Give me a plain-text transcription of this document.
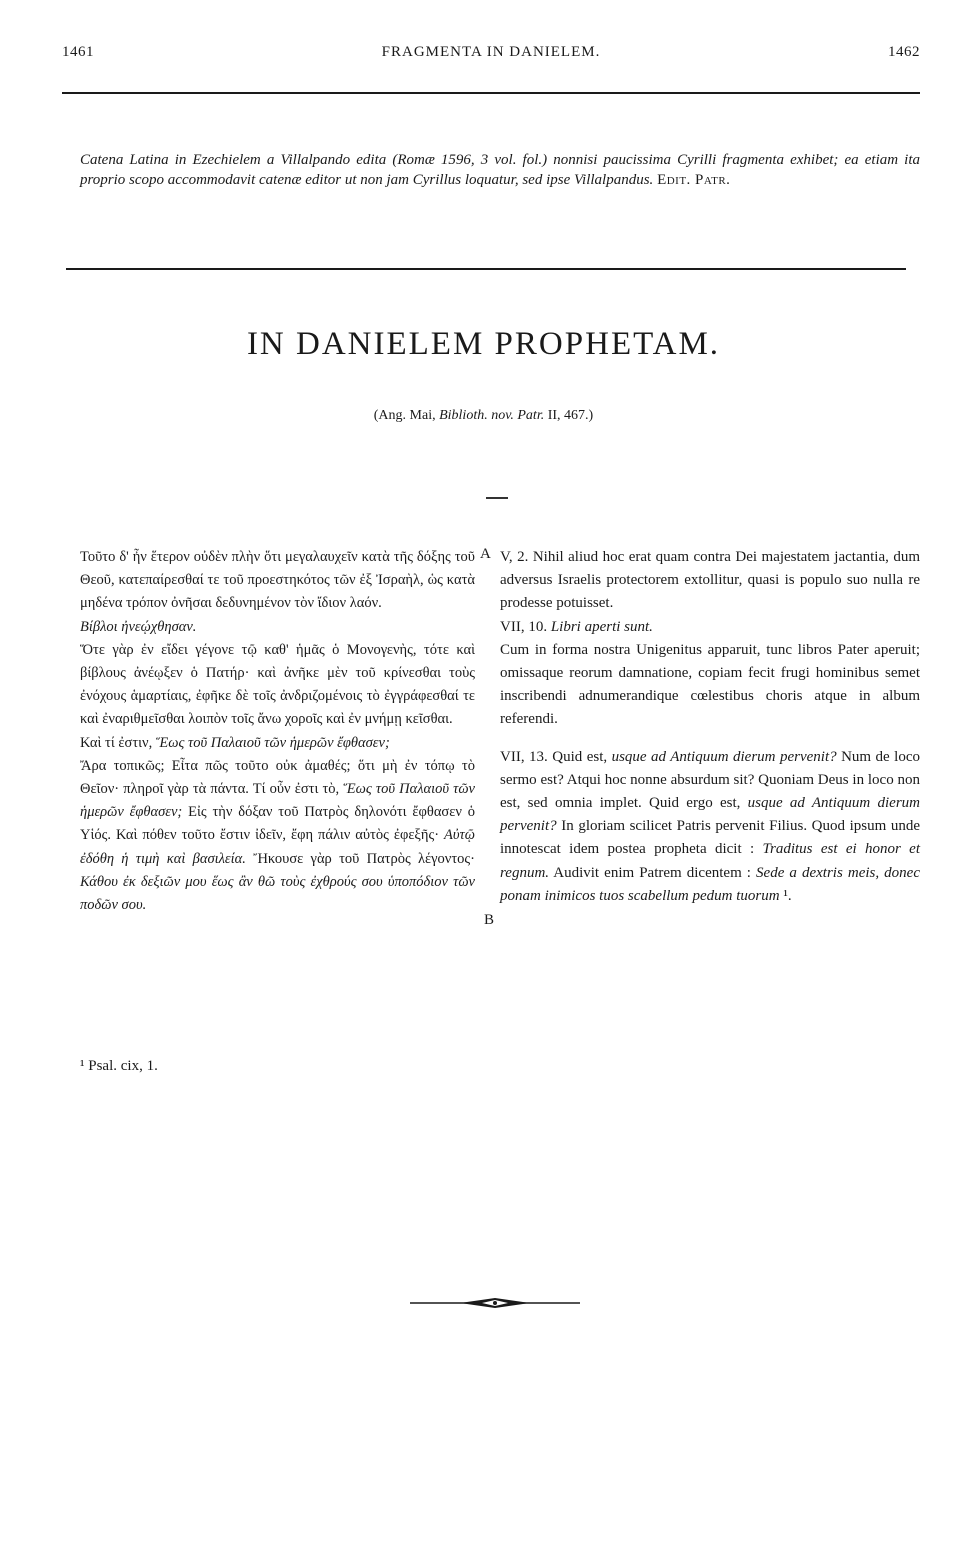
1461	FRAGMENTA IN DANIELEM.	1462
Catena Latina in Ezechielem a Villalpando edita (Romæ 1596, 3 vol. fol.) nonnisi paucissima Cyrilli fragmenta exhibet; ea etiam ita proprio scopo accommodavit catenæ editor ut non jam Cyrillus loquatur, sed ipse Villalpandus. Edit. Patr.
IN DANIELEM PROPHETAM.
(Ang. Mai, Biblioth. nov. Patr. II, 467.)

Τοῦτο δ' ἦν ἕτερον οὐδὲν πλὴν ὅτι μεγαλαυχεῖν κατὰ τῆς δόξης τοῦ Θεοῦ, κατεπαίρεσθαί τε τοῦ προεστηκότος τῶν ἐξ Ἰσραὴλ, ὡς κατὰ μηδένα τρόπον ὀνῆσαι δεδυνημένον τὸν ἴδιον λαόν.

Βίβλοι ἠνεῴχθησαν.

Ὅτε γὰρ ἐν εἴδει γέγονε τῷ καθ' ἡμᾶς ὁ Μονογενὴς, τότε καὶ βίβλους ἀνέῳξεν ὁ Πατήρ· καὶ ἀνῆκε μὲν τοῦ κρίνεσθαι τοὺς ἐνόχους ἁμαρτίαις, ἐφῆκε δὲ τοῖς ἀνδριζομένοις τὸ ἐγγράφεσθαί τε καὶ ἐναριθμεῖσθαι λοιπὸν τοῖς ἄνω χοροῖς καὶ ἐν μνήμῃ κεῖσθαι.

Καὶ τί ἐστιν, Ἕως τοῦ Παλαιοῦ τῶν ἡμερῶν ἔφθασεν;

Ἄρα τοπικῶς; Εἶτα πῶς τοῦτο οὐκ ἀμαθές; ὅτι μὴ ἐν τόπῳ τὸ Θεῖον· πληροῖ γὰρ τὰ πάντα. Τί οὖν ἐστι τὸ, Ἕως τοῦ Παλαιοῦ τῶν ἡμερῶν ἔφθασεν; Εἰς τὴν δόξαν τοῦ Πατρὸς δηλονότι ἔφθασεν ὁ Υἱός. Καὶ πόθεν τοῦτο ἔστιν ἰδεῖν, ἔφη πάλιν αὐτὸς ἐφεξῆς· Αὐτῷ ἐδόθη ἡ τιμὴ καὶ βασιλεία. Ἤκουσε γὰρ τοῦ Πατρὸς λέγοντος· Κάθου ἐκ δεξιῶν μου ἕως ἂν θῶ τοὺς ἐχθρούς σου ὑποπόδιον τῶν ποδῶν σου.

A
B

V, 2. Nihil aliud hoc erat quam contra Dei majestatem jactantia, dum adversus Israelis protectorem extollitur, quasi is populo suo nulla re prodesse potuisset.

VII, 10. Libri aperti sunt.

Cum in forma nostra Unigenitus apparuit, tunc libros Pater aperuit; omissaque reorum damnatione, copiam fecit frugi hominibus semet inscribendi adnumerandique cœlestibus choris atque in album referendi.

VII, 13. Quid est, usque ad Antiquum dierum pervenit? Num de loco sermo est? Atqui hoc nonne absurdum sit? Quoniam Deus in loco non est, sed omnia implet. Quid ergo est, usque ad Antiquum dierum pervenit? In gloriam scilicet Patris pervenit Filius. Quod ipsum unde innotescat idem postea propheta dicit : Traditus est ei honor et regnum. Audivit enim Patrem dicentem : Sede a dextris meis, donec ponam inimicos tuos scabellum pedum tuorum ¹.

¹ Psal. cix, 1.
